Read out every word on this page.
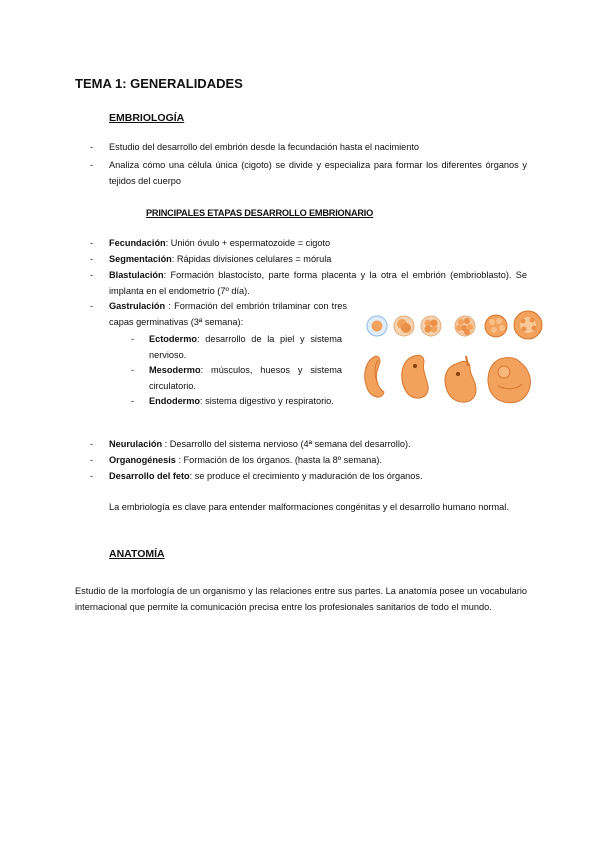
TEMA 1: GENERALIDADES
EMBRIOLOGÍA
- Estudio del desarrollo del embrión desde la fecundación hasta el nacimiento
- Analiza cómo una célula única (cigoto) se divide y especializa para formar los diferentes órganos y tejidos del cuerpo
PRINCIPALES ETAPAS DESARROLLO EMBRIONARIO
- Fecundación: Unión óvulo + espermatozoide = cigoto
- Segmentación: Rápidas divisiones celulares = mórula
- Blastulación: Formación blastocisto, parte forma placenta y la otra el embrión (embrioblasto). Se implanta en el endometrio (7º día).
- Gastrulación : Formación del embrión trilaminar con tres capas germinativas (3ª semana):
- Ectodermo: desarrollo de la piel y sistema nervioso.
- Mesodermo: músculos, huesos y sistema circulatorio.
- Endodermo: sistema digestivo y respiratorio.
- Neurulación : Desarrollo del sistema nervioso (4ª semana del desarrollo).
- Organogénesis : Formación de los órganos. (hasta la 8º semana).
- Desarrollo del feto: se produce el crecimiento y maduración de los órganos.
La embriología es clave para entender malformaciones congénitas y el desarrollo humano normal.
ANATOMÍA
Estudio de la morfología de un organismo y las relaciones entre sus partes. La anatomía posee un vocabulario internacional que permite la comunicación precisa entre los profesionales sanitarios de todo el mundo.
